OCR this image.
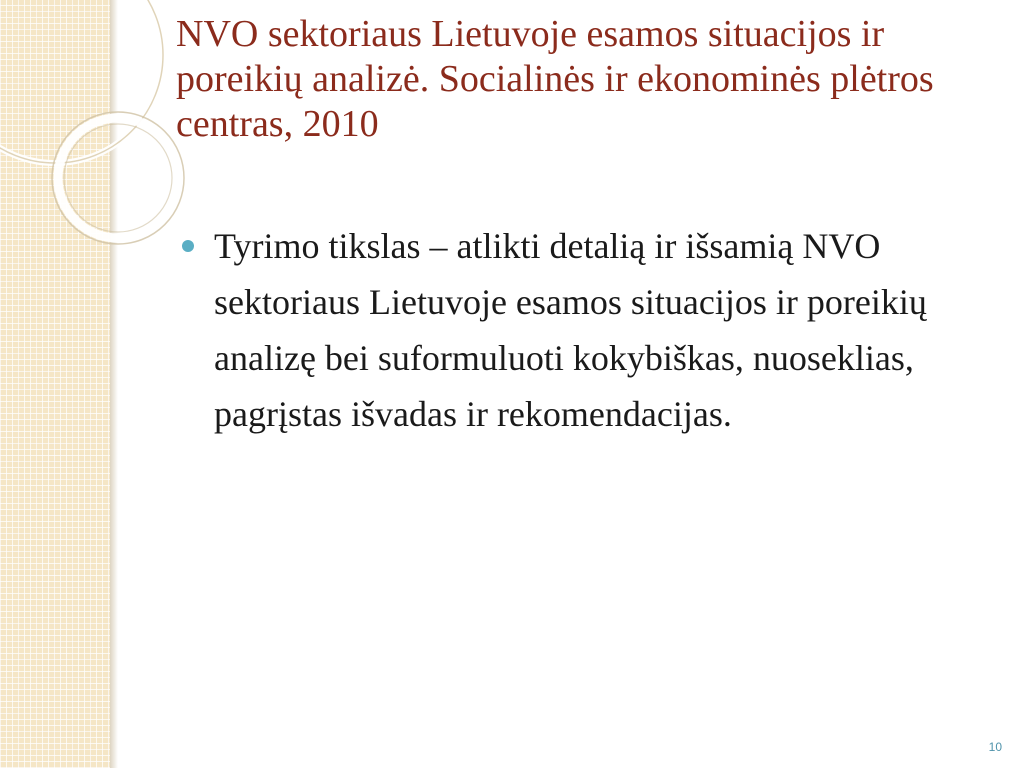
NVO sektoriaus Lietuvoje esamos situacijos ir poreikių analizė. Socialinės ir ekonominės plėtros centras, 2010
Tyrimo tikslas – atlikti detalią ir išsamią NVO sektoriaus Lietuvoje esamos situacijos ir poreikių analizę bei suformuluoti kokybiškas, nuoseklias, pagrįstas išvadas ir rekomendacijas.
10
